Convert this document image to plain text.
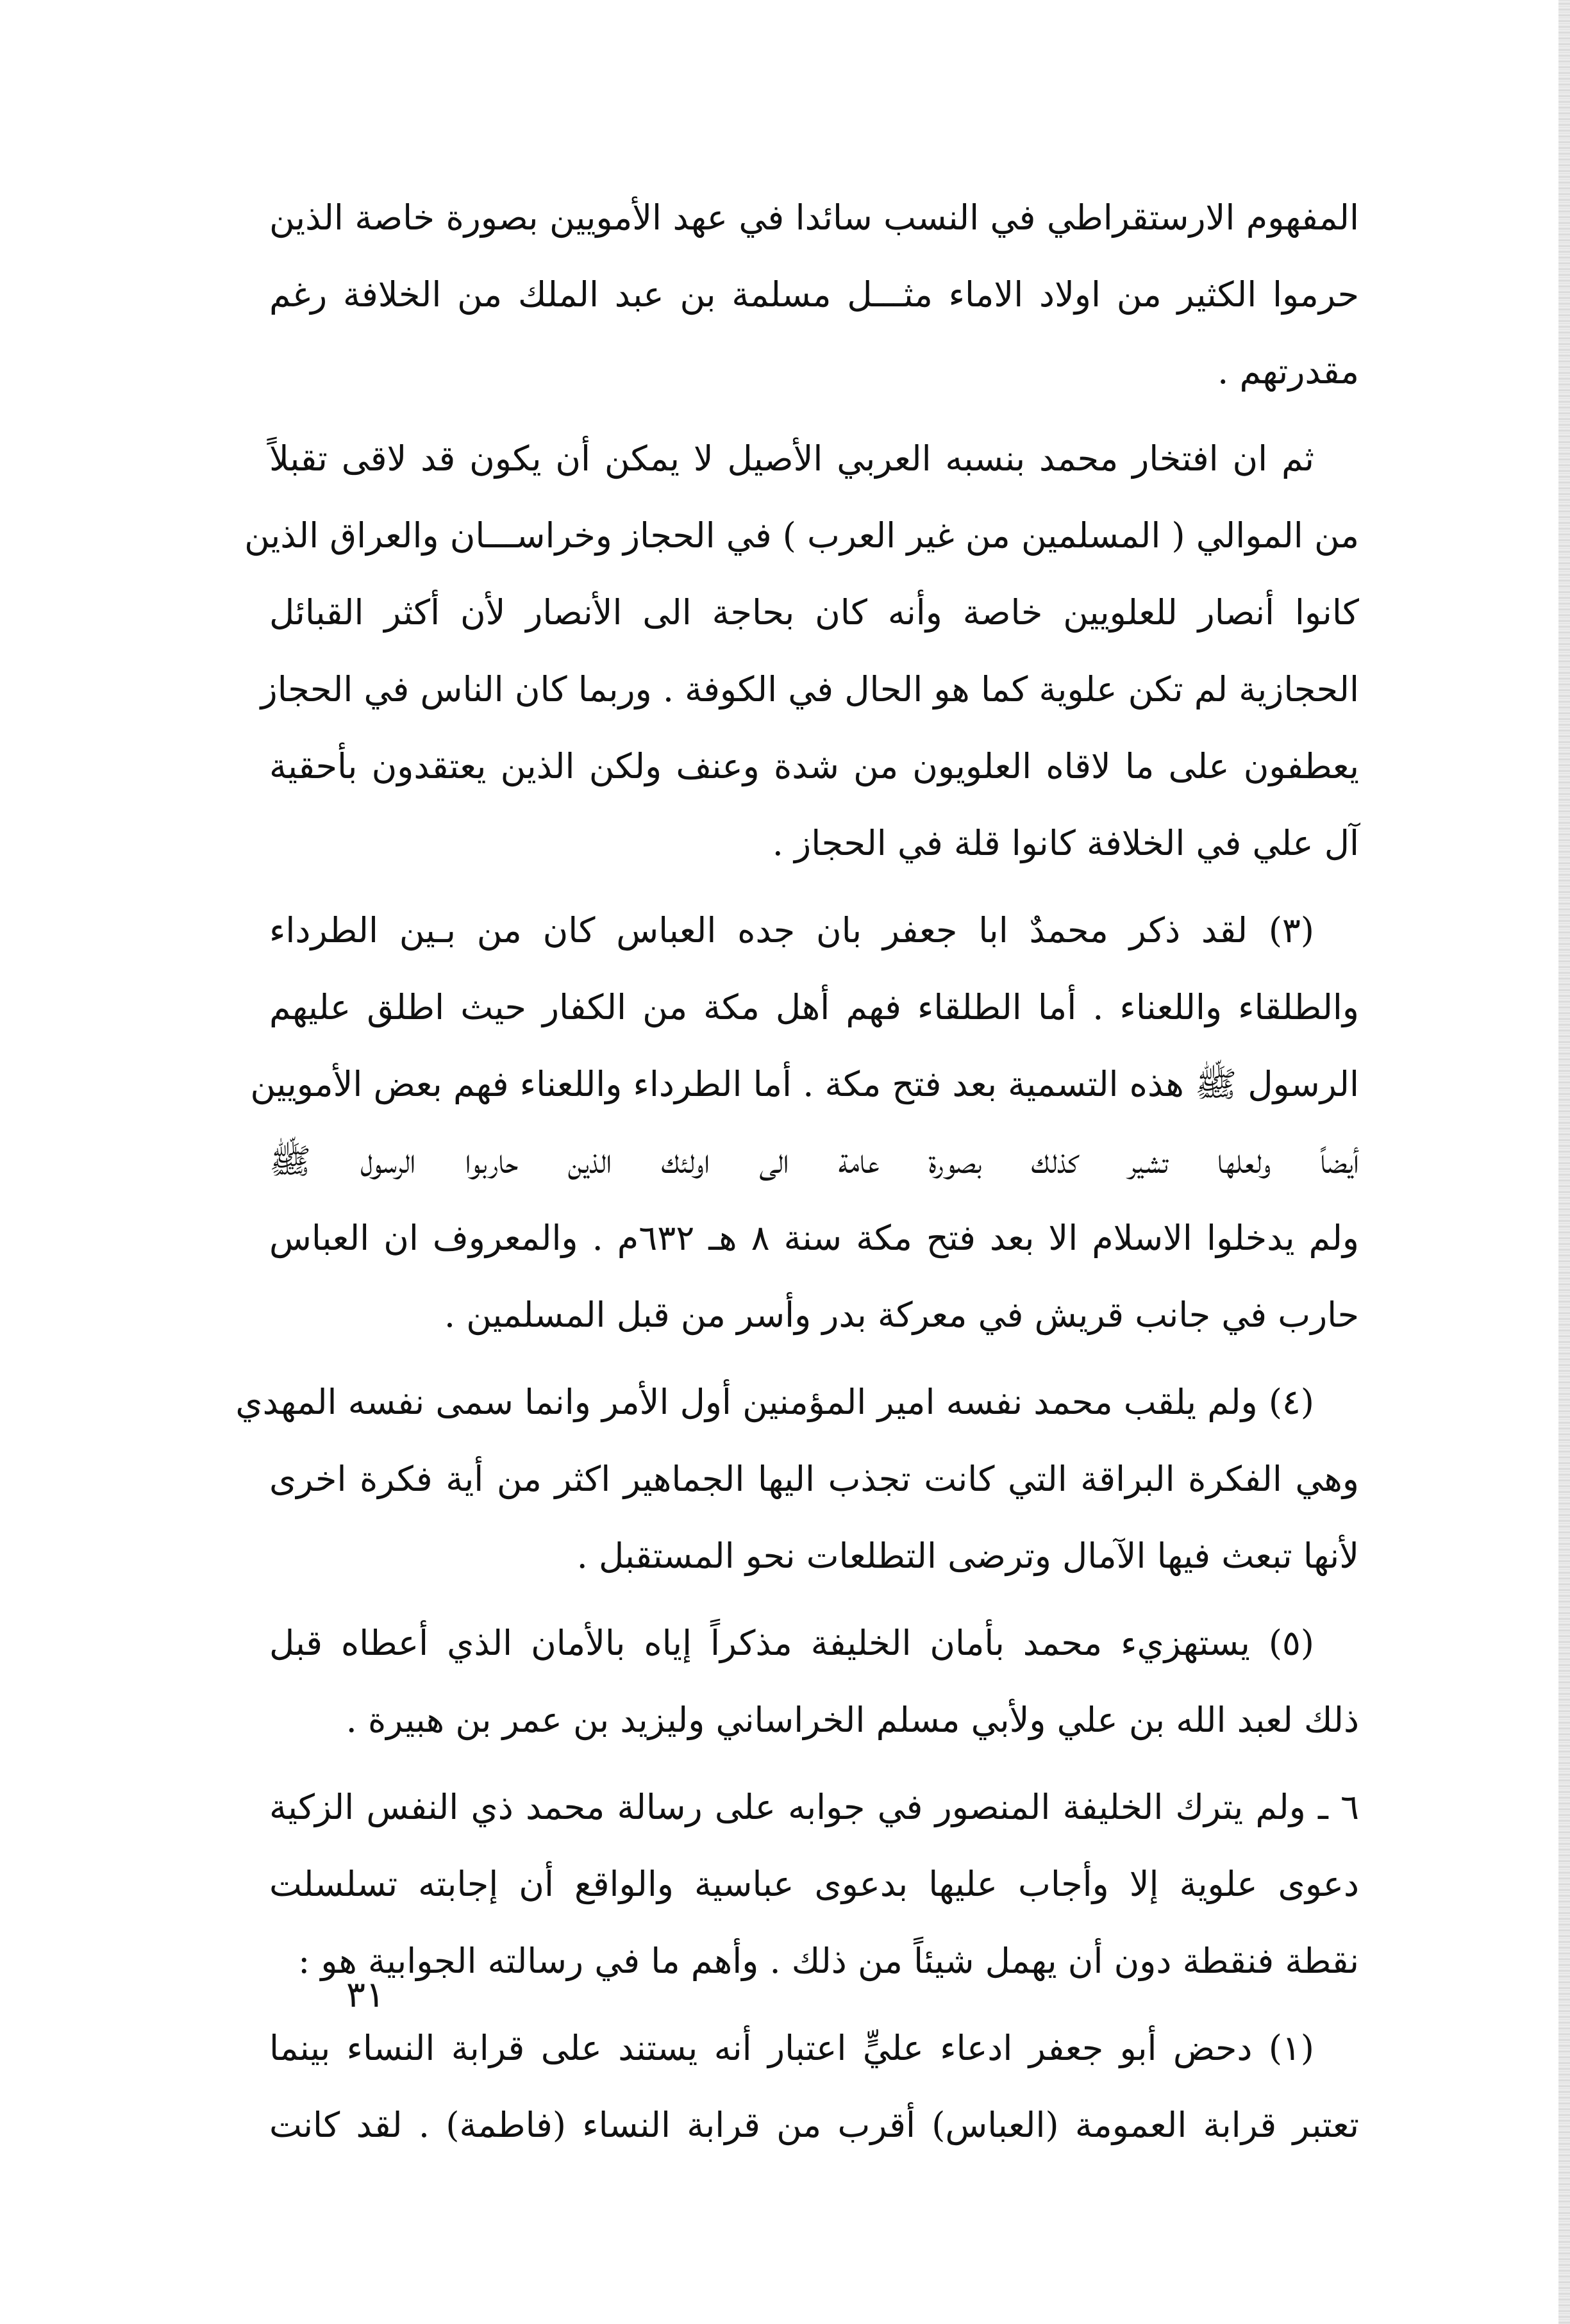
المفهوم الارستقراطي في النسب سائدا في عهد الأمويين بصورة خاصة الذين
حرموا الكثير من اولاد الاماء مثـــل مسلمة بن عبد الملك من الخلافة رغم
مقدرتهم .
ثم ان افتخار محمد بنسبه العربي الأصيل لا يمكن أن يكون قد لاقى تقبلاً
من الموالي ( المسلمين من غير العرب ) في الحجاز وخراســـان والعراق الذين
كانوا أنصار للعلويين خاصة وأنه كان بحاجة الى الأنصار لأن أكثر القبائل
الحجازية لم تكن علوية كما هو الحال في الكوفة . وربما كان الناس في الحجاز
يعطفون على ما لاقاه العلويون من شدة وعنف ولكن الذين يعتقدون بأحقية
آل علي في الخلافة كانوا قلة في الحجاز .
(٣) لقد ذكر محمدٌ ابا جعفر بان جده العباس كان من بـين الطرداء
والطلقاء واللعناء . أما الطلقاء فهم أهل مكة من الكفار حيث اطلق عليهم
الرسول ﷺ هذه التسمية بعد فتح مكة . أما الطرداء واللعناء فهم بعض الأمويين
أيضاً ولعلها تشير كذلك بصورة عامة الى اولئك الذين حاربوا الرسول ﷺ
ولم يدخلوا الاسلام الا بعد فتح مكة سنة ٨ هـ ٦٣٢م . والمعروف ان العباس
حارب في جانب قريش في معركة بدر وأسر من قبل المسلمين .
(٤) ولم يلقب محمد نفسه امير المؤمنين أول الأمر وانما سمى نفسه المهدي
وهي الفكرة البراقة التي كانت تجذب اليها الجماهير اكثر من أية فكرة اخرى
لأنها تبعث فيها الآمال وترضى التطلعات نحو المستقبل .
(٥) يستهزيء محمد بأمان الخليفة مذكراً إياه بالأمان الذي أعطاه قبل
ذلك لعبد الله بن علي ولأبي مسلم الخراساني وليزيد بن عمر بن هبيرة .
٦ ـ ولم يترك الخليفة المنصور في جوابه على رسالة محمد ذي النفس الزكية
دعوى علوية إلا وأجاب عليها بدعوى عباسية والواقع أن إجابته تسلسلت
نقطة فنقطة دون أن يهمل شيئاً من ذلك . وأهم ما في رسالته الجوابية هو :
(١) دحض أبو جعفر ادعاء عليٍّ اعتبار أنه يستند على قرابة النساء بينما
تعتبر قرابة العمومة (العباس) أقرب من قرابة النساء (فاطمة) . لقد كانت
٣١
